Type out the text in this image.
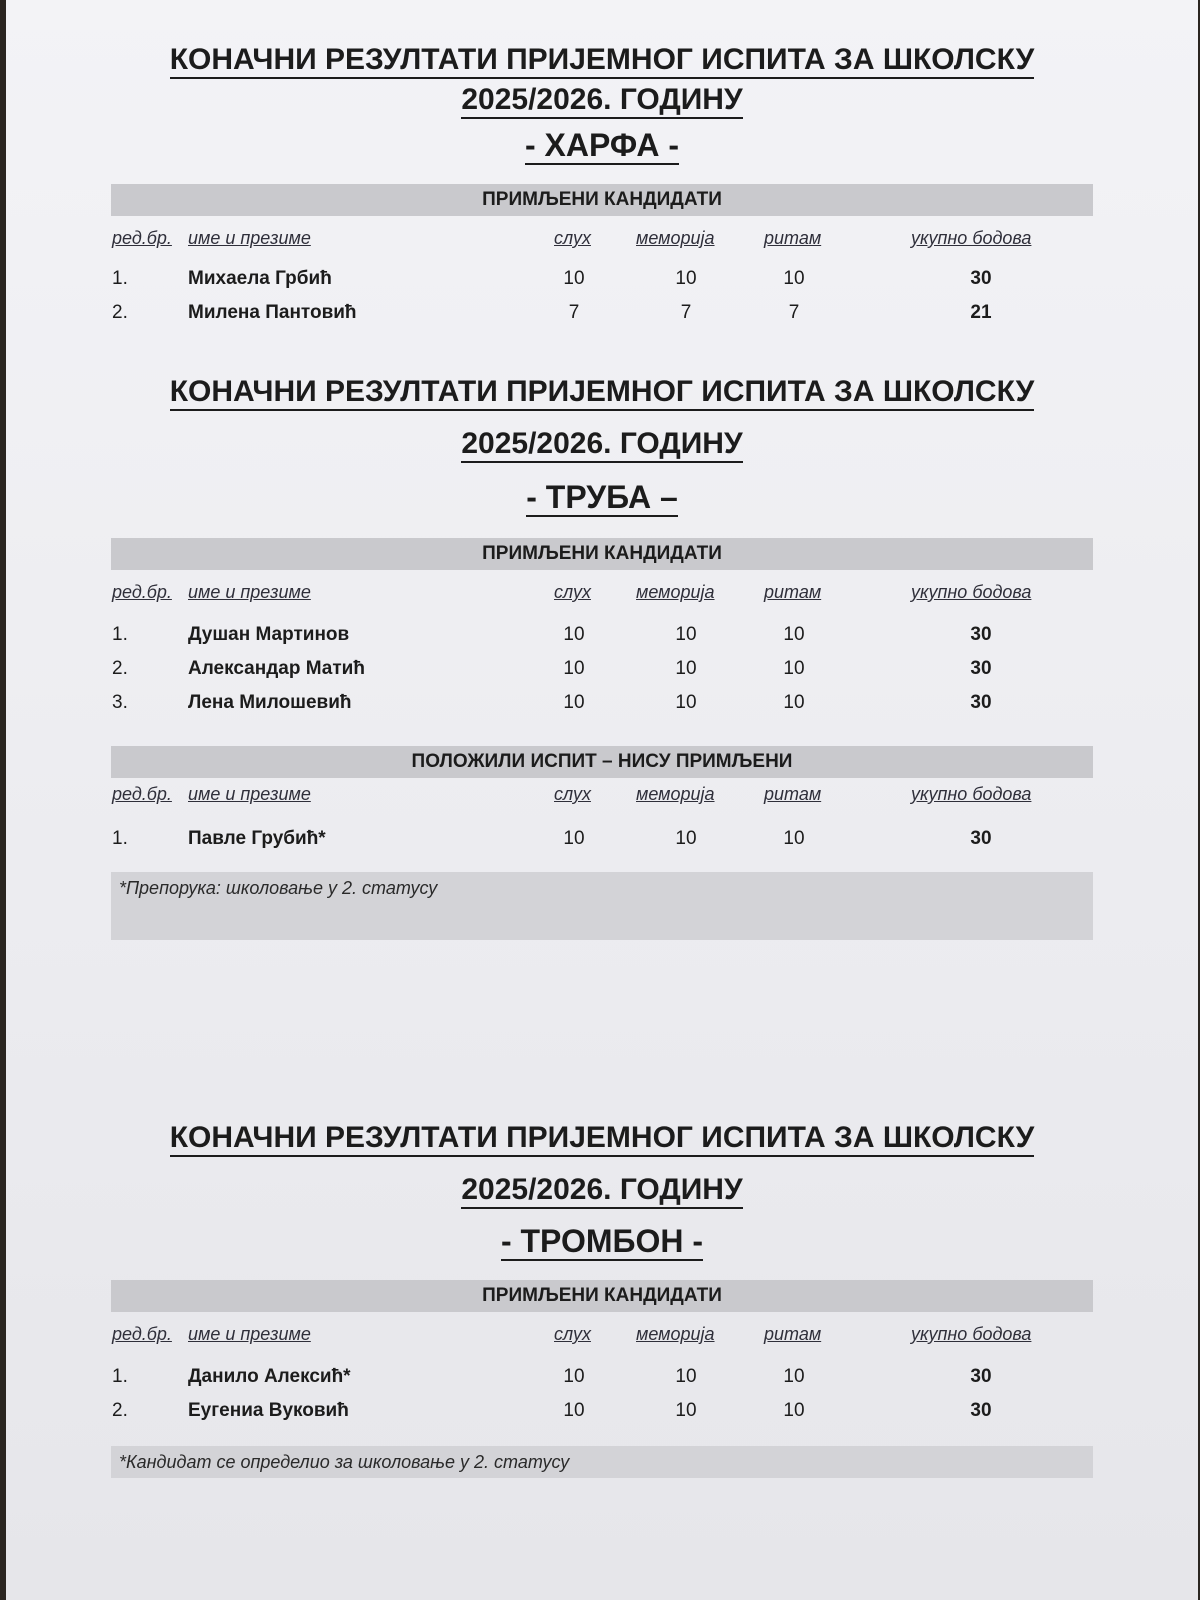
КОНАЧНИ РЕЗУЛТАТИ ПРИЈЕМНОГ ИСПИТА ЗА ШКОЛСКУ
2025/2026. ГОДИНУ
- ХАРФА -
ПРИМЉЕНИ КАНДИДАТИ
ред.бр. име и презиме	слух	меморија	ритам	укупно бодова
1.	Михаела Грбић	10	10	10	30
2.	Милена Пантовић	7	7	7	21
КОНАЧНИ РЕЗУЛТАТИ ПРИЈЕМНОГ ИСПИТА ЗА ШКОЛСКУ
2025/2026. ГОДИНУ
- ТРУБА –
ПРИМЉЕНИ КАНДИДАТИ
ред.бр. име и презиме	слух	меморија	ритам	укупно бодова
1.	Душан Мартинов	10	10	10	30
2.	Александар Матић	10	10	10	30
3.	Лена Милошевић	10	10	10	30
ПОЛОЖИЛИ ИСПИТ – НИСУ ПРИМЉЕНИ
ред.бр. име и презиме	слух	меморија	ритам	укупно бодова
1.	Павле Грубић*	10	10	10	30
*Препорука: школовање у 2. статусу
КОНАЧНИ РЕЗУЛТАТИ ПРИЈЕМНОГ ИСПИТА ЗА ШКОЛСКУ
2025/2026. ГОДИНУ
- ТРОМБОН -
ПРИМЉЕНИ КАНДИДАТИ
ред.бр. име и презиме	слух	меморија	ритам	укупно бодова
1.	Данило Алексић*	10	10	10	30
2.	Еугениа Вуковић	10	10	10	30
*Кандидат се определио за школовање у 2. статусу
